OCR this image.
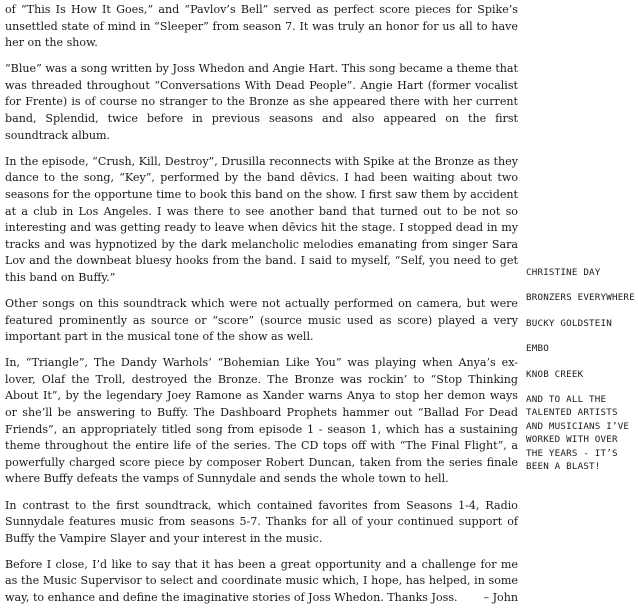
of “This Is How It Goes,” and “Pavlov’s Bell” served as perfect score pieces for Spike’s unsettled state of mind in “Sleeper” from season 7. It was truly an honor for us all to have her on the show.

“Blue” was a song written by Joss Whedon and Angie Hart. This song became a theme that was threaded throughout “Conversations With Dead People”. Angie Hart (former vocalist for Frente) is of course no stranger to the Bronze as she appeared there with her current band, Splendid, twice before in previous seasons and also appeared on the first soundtrack album.

In the episode, “Crush, Kill, Destroy”, Drusilla reconnects with Spike at the Bronze as they dance to the song, “Key”, performed by the band dēvics. I had been waiting about two seasons for the opportune time to book this band on the show. I first saw them by accident at a club in Los Angeles. I was there to see another band that turned out to be not so interesting and was getting ready to leave when dēvics hit the stage. I stopped dead in my tracks and was hypnotized by the dark melancholic melodies emanating from singer Sara Lov and the downbeat bluesy hooks from the band. I said to myself, “Self, you need to get this band on Buffy.”

Other songs on this soundtrack which were not actually performed on camera, but were featured prominently as source or “score” (source music used as score) played a very important part in the musical tone of the show as well.

In, “Triangle”, The Dandy Warhols’ “Bohemian Like You” was playing when Anya’s ex-lover, Olaf the Troll, destroyed the Bronze. The Bronze was rockin’ to “Stop Thinking About It”, by the legendary Joey Ramone as Xander warns Anya to stop her demon ways or she’ll be answering to Buffy. The Dashboard Prophets hammer out “Ballad For Dead Friends”, an appropriately titled song from episode 1 - season 1, which has a sustaining theme throughout the entire life of the series. The CD tops off with “The Final Flight”, a powerfully charged score piece by composer Robert Duncan, taken from the series finale where Buffy defeats the vamps of Sunnydale and sends the whole town to hell.

In contrast to the first soundtrack, which contained favorites from Seasons 1-4, Radio Sunnydale features music from seasons 5-7. Thanks for all of your continued support of Buffy the Vampire Slayer and your interest in the music.

Before I close, I’d like to say that it has been a great opportunity and a challenge for me as the Music Supervisor to select and coordinate music which, I hope, has helped, in some way, to enhance and define the imaginative stories of Joss Whedon. Thanks Joss. – John

CHRISTINE DAY
BRONZERS EVERYWHERE
BUCKY GOLDSTEIN
EMBO
KNOB CREEK
AND TO ALL THE TALENTED ARTISTS AND MUSICIANS I’VE WORKED WITH OVER THE YEARS - IT’S BEEN A BLAST!
